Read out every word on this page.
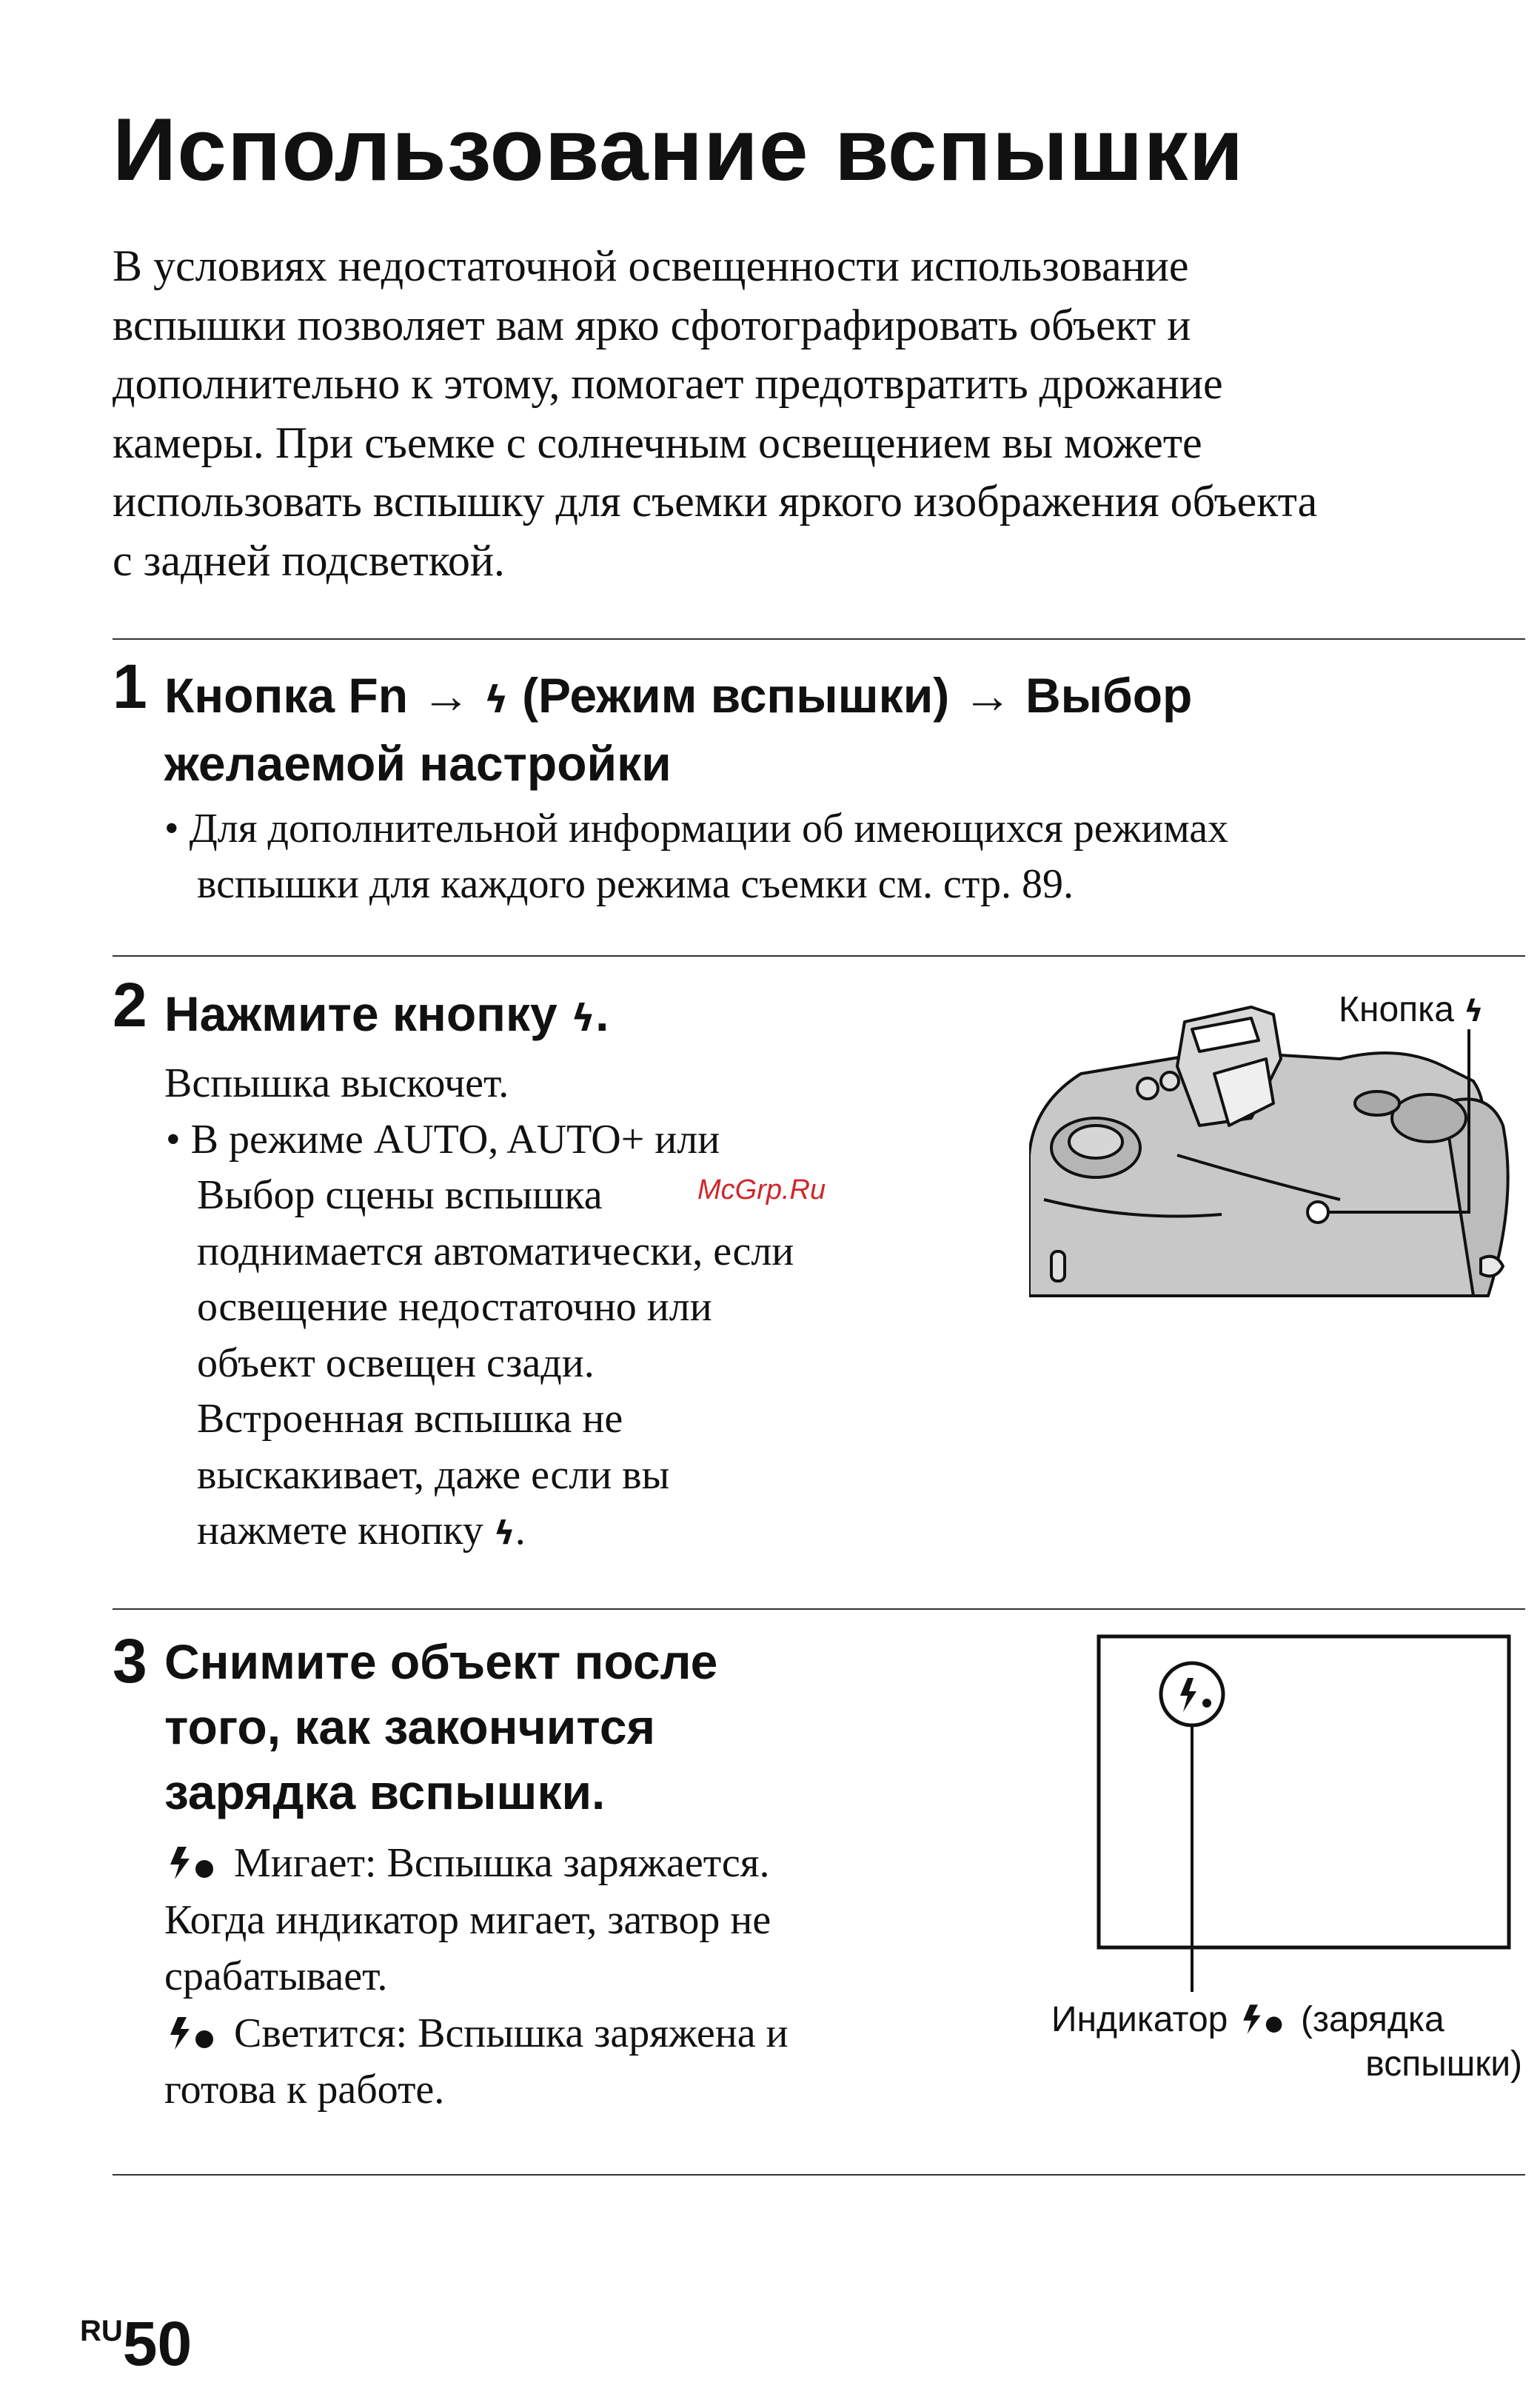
Использование вспышки

В условиях недостаточной освещенности использование

вспышки позволяет вам ярко сфотографировать объект и

дополнительно к этому, помогает предотвратить дрожание

камеры. При съемке с солнечным освещением вы можете

использовать вспышку для съемки яркого изображения объекта

с задней подсветкой.

1 Кнопка Fn → ϟ (Режим вспышки) → Выбор
желаемой настройки
• Для дополнительной информации об имеющихся режимах
вспышки для каждого режима съемки см. стр. 89.
2 Нажмите кнопку ϟ.

Вспышка выскочет.

• В режиме AUTO, AUTO+ или

Выбор сцены вспышка

поднимается автоматически, если

освещение недостаточно или

объект освещен сзади.

Встроенная вспышка не

выскакивает, даже если вы

нажмете кнопку ϟ.

McGrp.Ru
Кнопка ϟ
3 Снимите объект после
того, как закончится
зарядка вспышки.

Мигает: Вспышка заряжается.

Когда индикатор мигает, затвор не

срабатывает.

Светится: Вспышка заряжена и

готова к работе.

Индикатор (зарядка
вспышки)
RU50
